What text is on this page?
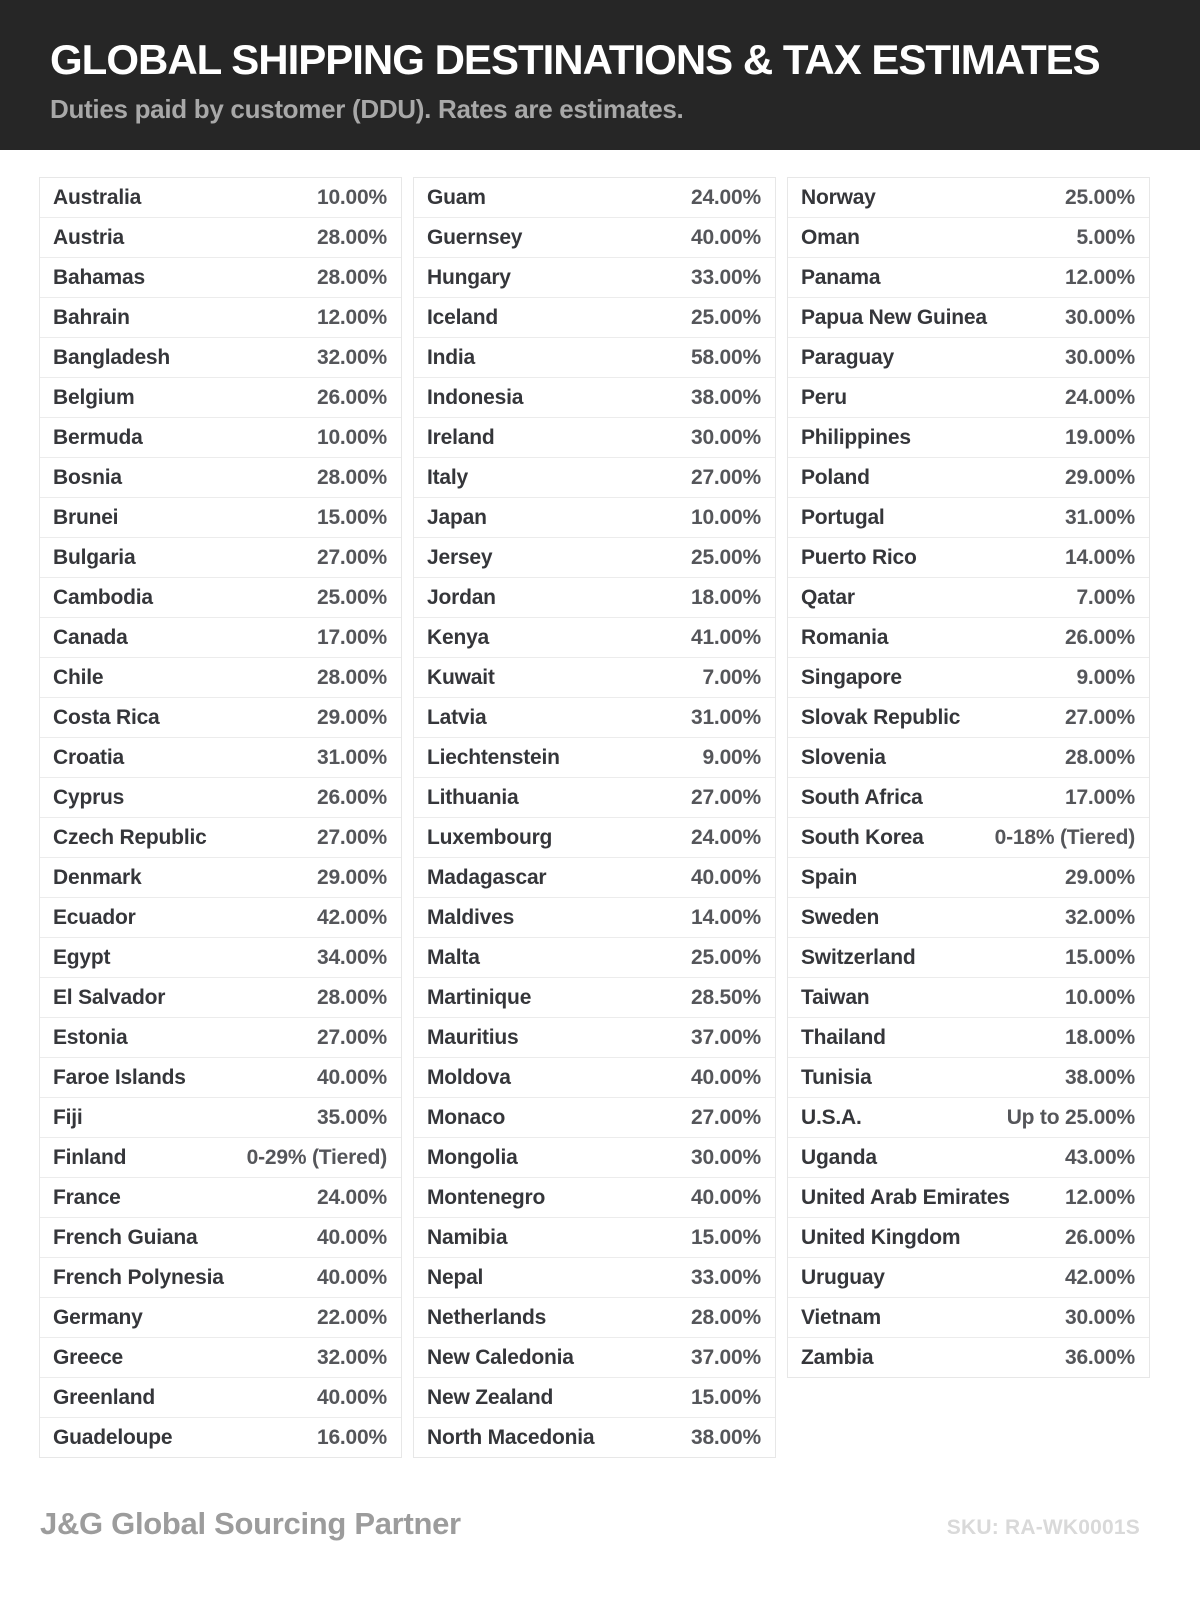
GLOBAL SHIPPING DESTINATIONS & TAX ESTIMATES

Duties paid by customer (DDU). Rates are estimates.

Australia	10.00%
Austria	28.00%
Bahamas	28.00%
Bahrain	12.00%
Bangladesh	32.00%
Belgium	26.00%
Bermuda	10.00%
Bosnia	28.00%
Brunei	15.00%
Bulgaria	27.00%
Cambodia	25.00%
Canada	17.00%
Chile	28.00%
Costa Rica	29.00%
Croatia	31.00%
Cyprus	26.00%
Czech Republic	27.00%
Denmark	29.00%
Ecuador	42.00%
Egypt	34.00%
El Salvador	28.00%
Estonia	27.00%
Faroe Islands	40.00%
Fiji	35.00%
Finland	0-29% (Tiered)
France	24.00%
French Guiana	40.00%
French Polynesia	40.00%
Germany	22.00%
Greece	32.00%
Greenland	40.00%
Guadeloupe	16.00%
Guam	24.00%
Guernsey	40.00%
Hungary	33.00%
Iceland	25.00%
India	58.00%
Indonesia	38.00%
Ireland	30.00%
Italy	27.00%
Japan	10.00%
Jersey	25.00%
Jordan	18.00%
Kenya	41.00%
Kuwait	7.00%
Latvia	31.00%
Liechtenstein	9.00%
Lithuania	27.00%
Luxembourg	24.00%
Madagascar	40.00%
Maldives	14.00%
Malta	25.00%
Martinique	28.50%
Mauritius	37.00%
Moldova	40.00%
Monaco	27.00%
Mongolia	30.00%
Montenegro	40.00%
Namibia	15.00%
Nepal	33.00%
Netherlands	28.00%
New Caledonia	37.00%
New Zealand	15.00%
North Macedonia	38.00%
Norway	25.00%
Oman	5.00%
Panama	12.00%
Papua New Guinea	30.00%
Paraguay	30.00%
Peru	24.00%
Philippines	19.00%
Poland	29.00%
Portugal	31.00%
Puerto Rico	14.00%
Qatar	7.00%
Romania	26.00%
Singapore	9.00%
Slovak Republic	27.00%
Slovenia	28.00%
South Africa	17.00%
South Korea	0-18% (Tiered)
Spain	29.00%
Sweden	32.00%
Switzerland	15.00%
Taiwan	10.00%
Thailand	18.00%
Tunisia	38.00%
U.S.A.	Up to 25.00%
Uganda	43.00%
United Arab Emirates	12.00%
United Kingdom	26.00%
Uruguay	42.00%
Vietnam	30.00%
Zambia	36.00%
J&G Global Sourcing Partner	SKU: RA-WK0001S
